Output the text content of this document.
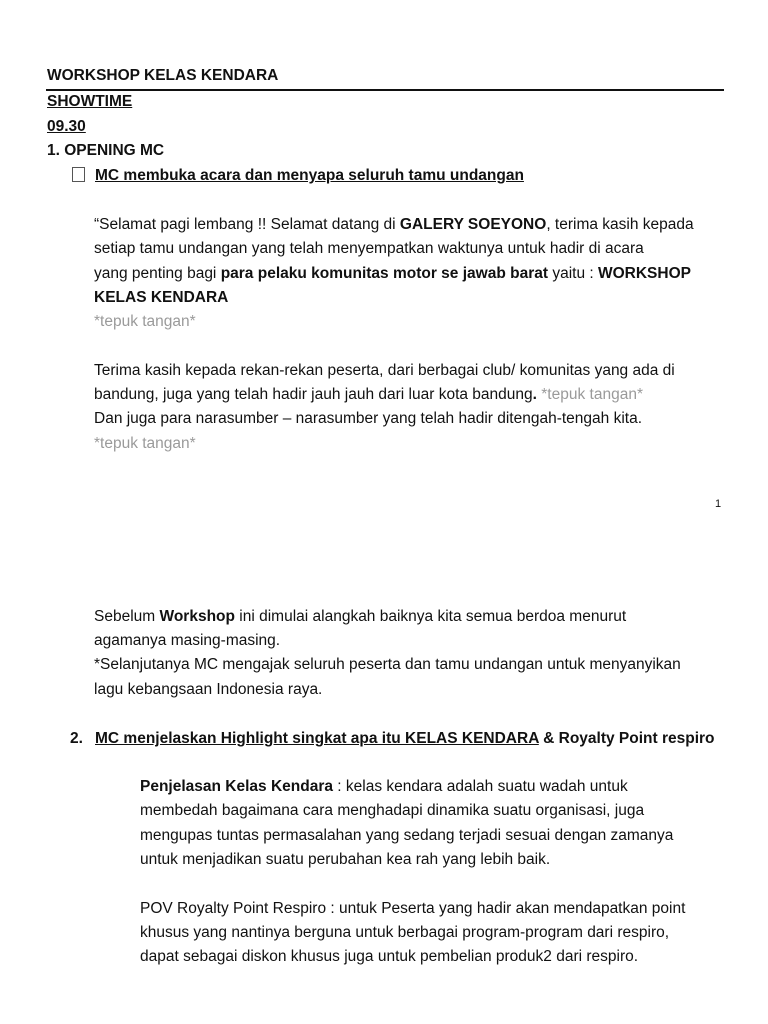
WORKSHOP KELAS KENDARA
SHOWTIME
09.30
1. OPENING MC
MC membuka acara dan menyapa seluruh tamu undangan
“Selamat pagi lembang !! Selamat datang di GALERY SOEYONO, terima kasih kepada
setiap tamu undangan yang telah menyempatkan waktunya untuk hadir di acara
yang penting bagi para pelaku komunitas motor se jawab barat yaitu : WORKSHOP
KELAS KENDARA
*tepuk tangan*
Terima kasih kepada rekan-rekan peserta, dari berbagai club/ komunitas yang ada di
bandung, juga yang telah hadir jauh jauh dari luar kota bandung. *tepuk tangan*
Dan juga para narasumber – narasumber yang telah hadir ditengah-tengah kita.
*tepuk tangan*
1
Sebelum Workshop ini dimulai alangkah baiknya kita semua berdoa menurut
agamanya masing-masing.
*Selanjutanya MC mengajak seluruh peserta dan tamu undangan untuk menyanyikan
lagu kebangsaan Indonesia raya.
2. MC menjelaskan Highlight singkat apa itu KELAS KENDARA & Royalty Point respiro
Penjelasan Kelas Kendara : kelas kendara adalah suatu wadah untuk
membedah bagaimana cara menghadapi dinamika suatu organisasi, juga
mengupas tuntas permasalahan yang sedang terjadi sesuai dengan zamanya
untuk menjadikan suatu perubahan kea rah yang lebih baik.
POV Royalty Point Respiro : untuk Peserta yang hadir akan mendapatkan point
khusus yang nantinya berguna untuk berbagai program-program dari respiro,
dapat sebagai diskon khusus juga untuk pembelian produk2 dari respiro.
